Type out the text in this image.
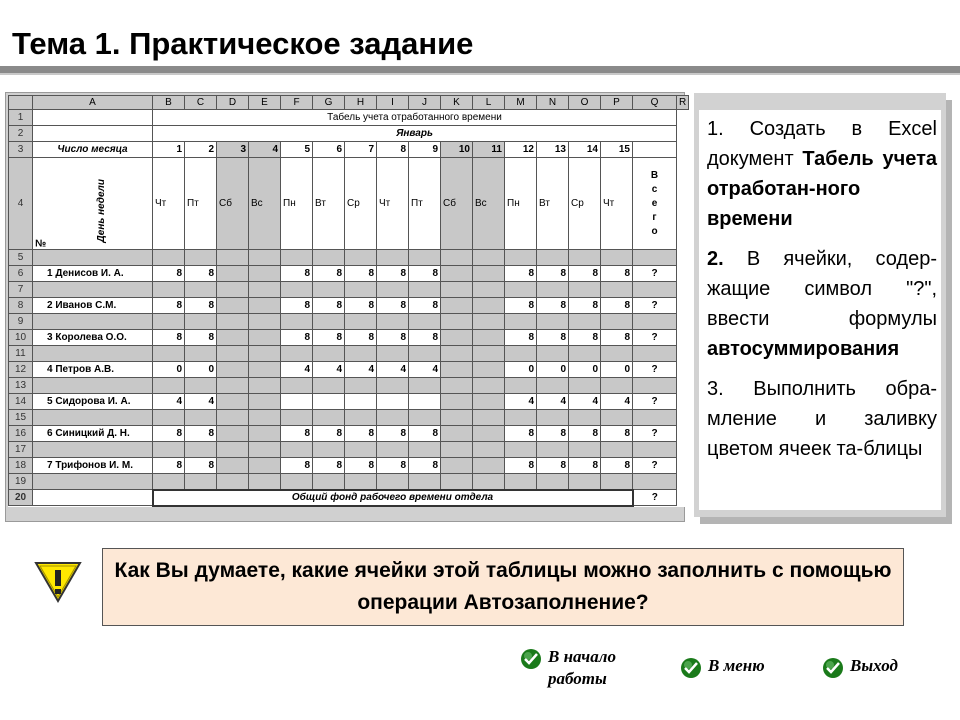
Тема 1. Практическое задание
	A	B	C	D	E	F	G	H	I	J	K	L	M	N	O	P	Q	R
1		Табель учета отработанного времени																
2		Январь																
3	Число месяца	1	2	3	4	5	6	7	8	9	10	11	12	13	14	15		
4	№День недели	Чт	Пт	Сб	Вс	Пн	Вт	Ср	Чт	Пт	Сб	Вс	Пн	Вт	Ср	Чт	Всего	
5																		
6	1 Денисов И. А.	8	8			8	8	8	8	8			8	8	8	8	?	
7																		
8	2 Иванов С.М.	8	8			8	8	8	8	8			8	8	8	8	?	
9																		
10	3 Королева О.О.	8	8			8	8	8	8	8			8	8	8	8	?	
11																		
12	4 Петров А.В.	0	0			4	4	4	4	4			0	0	0	0	?	
13																		
14	5 Сидорова И. А.	4	4										4	4	4	4	?	
15																		
16	6 Синицкий Д. Н.	8	8			8	8	8	8	8			8	8	8	8	?	
17																		
18	7 Трифонов И. М.	8	8			8	8	8	8	8			8	8	8	8	?	
19																		
20		Общий фонд рабочего времени отдела															?	
1. Создать в Excel документ Табель учета отработан-ного времени
2. В ячейки, содер-жащие символ "?", ввести формулы автосуммирования
3. Выполнить обра-мление и заливку цветом ячеек та-блицы
Как Вы думаете, какие ячейки этой таблицы можно заполнить с помощью операции Автозаполнение?
В начало работы
В меню	Выход
